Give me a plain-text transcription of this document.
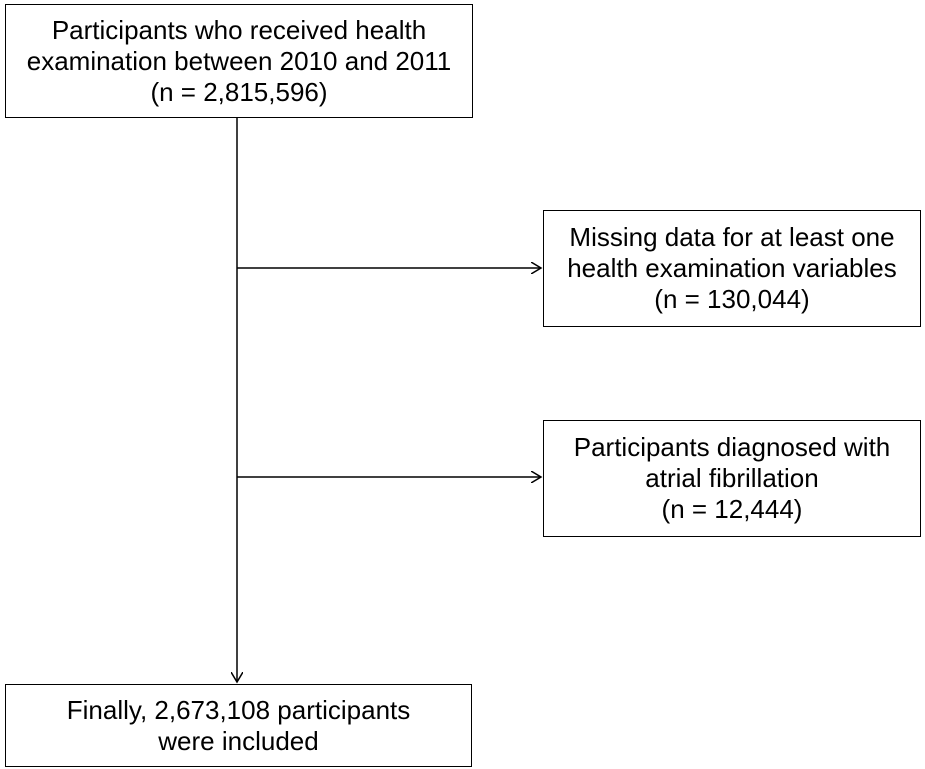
Participants who received health
examination between 2010 and 2011
(n = 2,815,596)
Missing data for at least one
health examination variables
(n = 130,044)
Participants diagnosed with
atrial fibrillation
(n = 12,444)
Finally, 2,673,108 participants
were included
